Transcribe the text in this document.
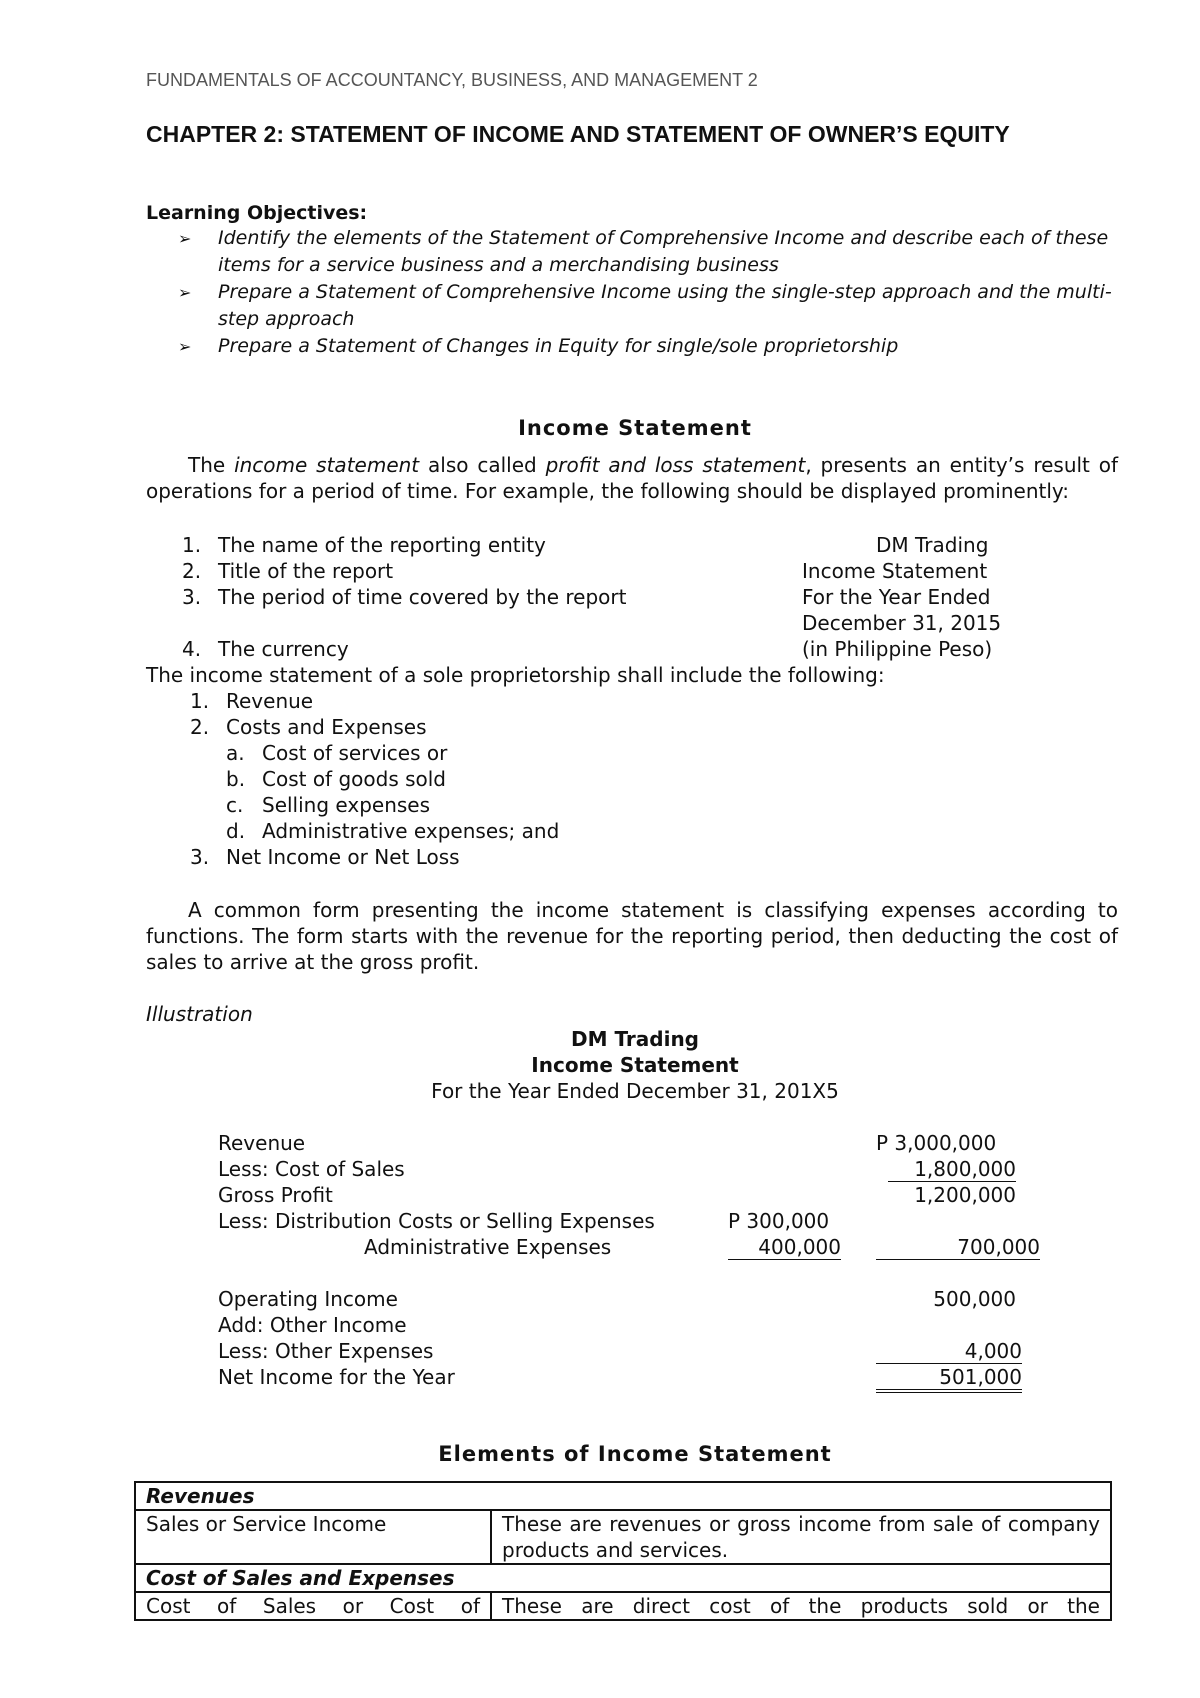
FUNDAMENTALS OF ACCOUNTANCY, BUSINESS, AND MANAGEMENT 2
CHAPTER 2: STATEMENT OF INCOME AND STATEMENT OF OWNER’S EQUITY
Learning Objectives:
➢	Identify the elements of the Statement of Comprehensive Income and describe each of these items for a service business and a merchandising business
➢	Prepare a Statement of Comprehensive Income using the single-step approach and the multi-step approach
➢	Prepare a Statement of Changes in Equity for single/sole proprietorship
Income Statement
The income statement also called profit and loss statement, presents an entity’s result of operations for a period of time. For example, the following should be displayed prominently:
1. The name of the reporting entity	DM Trading
2. Title of the report	Income Statement
3. The period of time covered by the report	For the Year Ended
December 31, 2015
4. The currency	(in Philippine Peso)
The income statement of a sole proprietorship shall include the following:
1. Revenue
2. Costs and Expenses
a. Cost of services or
b. Cost of goods sold
c. Selling expenses
d. Administrative expenses; and
3. Net Income or Net Loss
A common form presenting the income statement is classifying expenses according to functions. The form starts with the revenue for the reporting period, then deducting the cost of sales to arrive at the gross profit.
Illustration
DM Trading
Income Statement
For the Year Ended December 31, 201X5
Revenue	P 3,000,000
Less: Cost of Sales	1,800,000
Gross Profit	1,200,000
Less: Distribution Costs or Selling Expenses	P 300,000
Administrative Expenses	400,000	700,000
Operating Income	500,000
Add: Other Income
Less: Other Expenses	4,000
Net Income for the Year	501,000
Elements of Income Statement
Revenues	
Sales or Service Income	These are revenues or gross income from sale of company products and services.
Cost of Sales and Expenses	
Cost of Sales or Cost of	These are direct cost of the products sold or the
